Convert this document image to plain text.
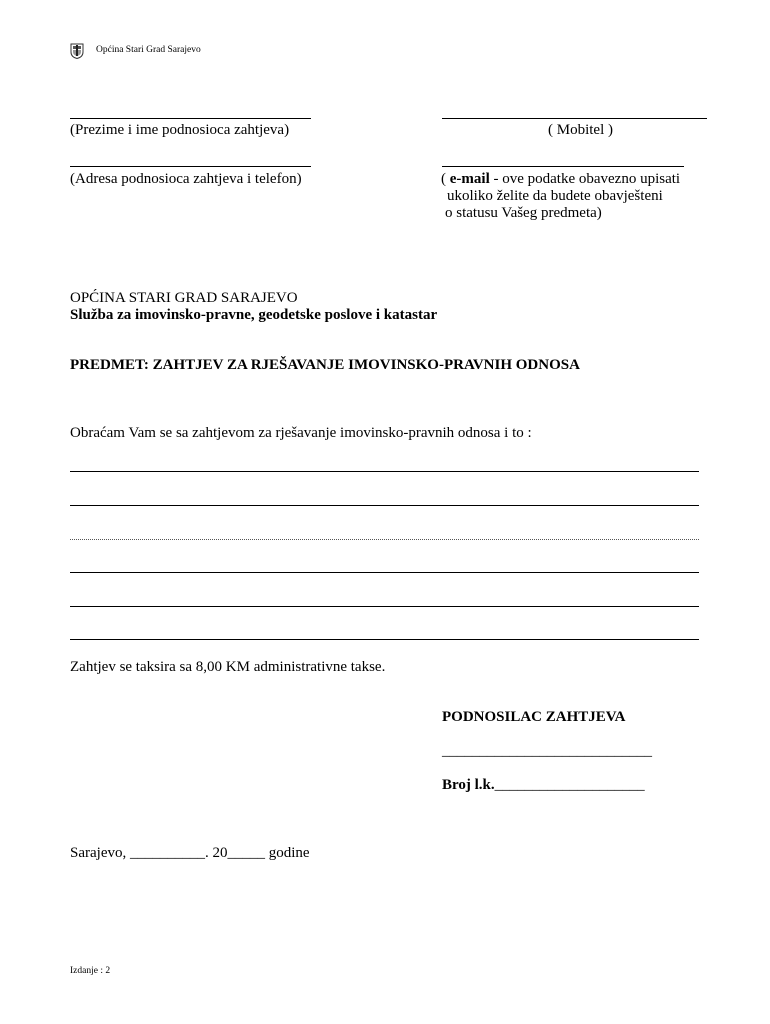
Općina Stari Grad Sarajevo
(Prezime i ime podnosioca zahtjeva)	( Mobitel )
(Adresa podnosioca zahtjeva i telefon)	( e-mail - ove podatke obavezno upisati
ukoliko želite da budete obavještеni
o statusu Vašeg predmeta)
OPĆINA STARI GRAD SARAJEVO
Služba za imovinsko-pravne, geodetske poslove i katastar
PREDMET: ZAHTJEV ZA RJEŠAVANJE IMOVINSKO-PRAVNIH ODNOSA
Obraćam Vam se sa zahtjevom za rješavanje imovinsko-pravnih odnosa i to :
Zahtjev se taksira sa 8,00 KM administrativne takse.
PODNOSILAC ZAHTJEVA
____________________________
Broj l.k.____________________
Sarajevo, __________. 20_____ godine
Izdanje : 2
